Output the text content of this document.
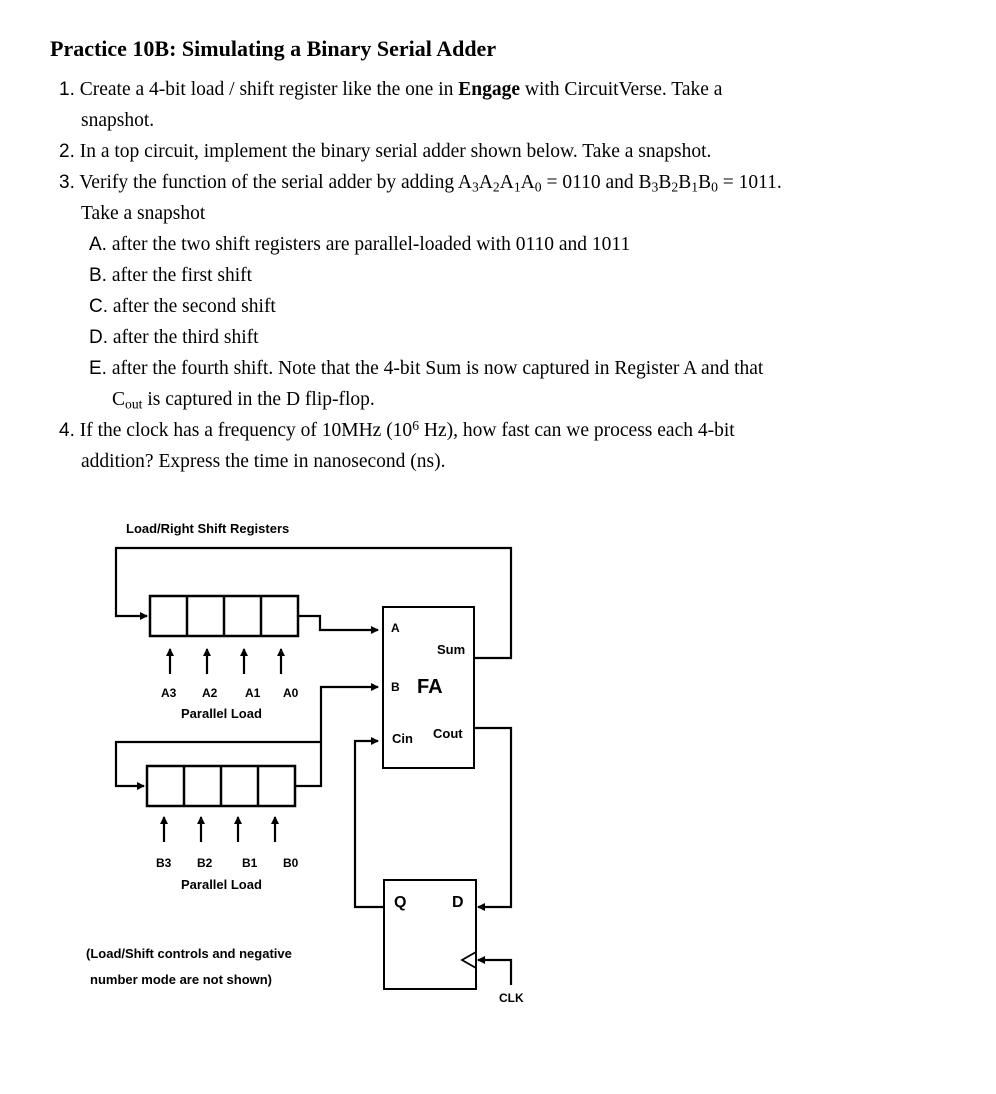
Practice 10B: Simulating a Binary Serial Adder
1. Create a 4-bit load / shift register like the one in Engage with CircuitVerse. Take a
snapshot.
2. In a top circuit, implement the binary serial adder shown below. Take a snapshot.
3. Verify the function of the serial adder by adding $A_3A_2A_1A_0 = 0110$ and $B_3B_2B_1B_0 = 1011$.
Take a snapshot
A. after the two shift registers are parallel-loaded with 0110 and 1011
B. after the first shift
C. after the second shift
D. after the third shift
E. after the fourth shift. Note that the 4-bit Sum is now captured in Register A and that
$C_{out}$ is captured in the D flip-flop.
4. If the clock has a frequency of 10MHz ($10^6$ Hz), how fast can we process each 4-bit
addition? Express the time in nanosecond (ns).
Load/Right Shift Registers
A
B FA
Sum
Cin Cout
Q	D
A3 A2 A1 A0
Parallel Load
B3 B2 B1 B0
Parallel Load
(Load/Shift controls and negative
number mode are not shown)
CLK
